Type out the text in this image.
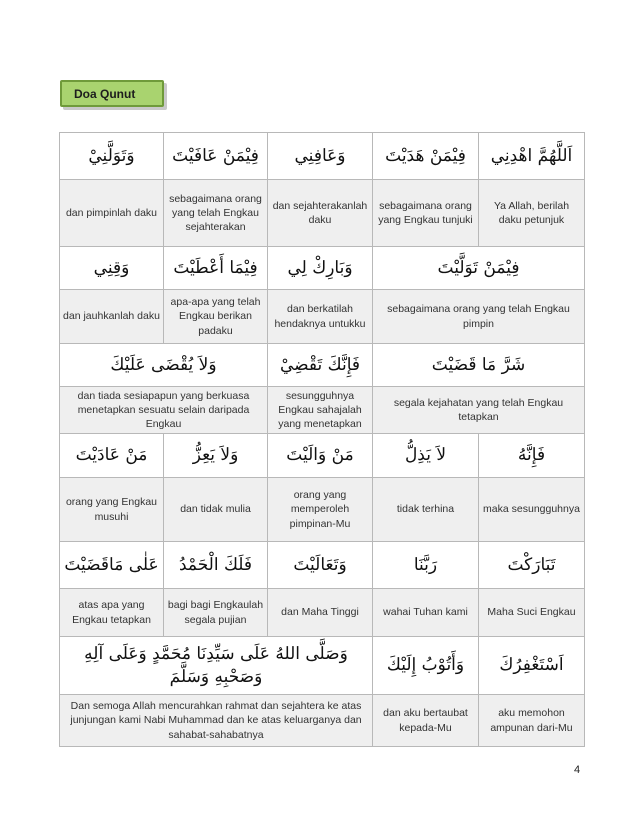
Doa Qunut
وَتَوَلَّنِيْ	فِيْمَنْ عَافَيْتَ	وَعَافِنِي	فِيْمَنْ هَدَيْتَ	اَللَّهُمَّ اهْدِنِي
dan pimpinlah daku	sebagaimana orang yang telah Engkau sejahterakan	dan sejahterakanlah daku	sebagaimana orang yang Engkau tunjuki	Ya Allah, berilah daku petunjuk
وَقِنِي	فِيْمَا أَعْطَيْتَ	وَبَارِكْ لِي	فِيْمَنْ تَوَلَّيْتَ	
dan jauhkanlah daku	apa-apa yang telah Engkau berikan padaku	dan berkatilah hendaknya untukku	sebagaimana orang yang telah Engkau pimpin	
وَلاَ يُقْضَى عَلَيْكَ		فَإِنَّكَ تَقْضِيْ	شَرَّ مَا قَضَيْتَ	
dan tiada sesiapapun yang berkuasa menetapkan sesuatu selain daripada Engkau		sesungguhnya Engkau sahajalah yang menetapkan	segala kejahatan yang telah Engkau tetapkan	
مَنْ عَادَيْتَ	وَلاَ يَعِزُّ	مَنْ وَالَيْتَ	لاَ يَذِلُّ	فَإِنَّهُ
orang yang Engkau musuhi	dan tidak mulia	orang yang memperoleh pimpinan-Mu	tidak terhina	maka sesungguhnya
عَلٰى مَاقَضَيْتَ	فَلَكَ الْحَمْدُ	وَتَعَالَيْتَ	رَبَّنَا	تَبَارَكْتَ
atas apa yang Engkau tetapkan	bagi bagi Engkaulah segala pujian	dan Maha Tinggi	wahai Tuhan kami	Maha Suci Engkau
وَصَلَّى اللهُ عَلَى سَيِّدِنَا مُحَمَّدٍ وَعَلَى آلِهِ وَصَحْبِهِ وَسَلَّمَ			وَأَتُوْبُ إِلَيْكَ	اَسْتَغْفِرُكَ
Dan semoga Allah mencurahkan rahmat dan sejahtera ke atas junjungan kami Nabi Muhammad dan ke atas keluarganya dan sahabat-sahabatnya			dan aku bertaubat kepada-Mu	aku memohon ampunan dari-Mu
4
